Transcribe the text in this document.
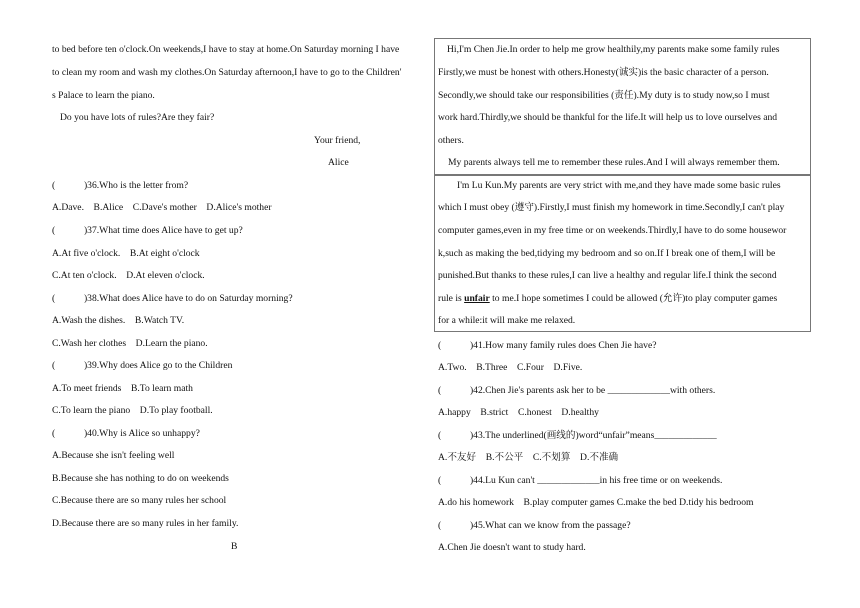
to bed before ten o'clock.On weekends,I have to stay at home.On Saturday morning I have
to clean my room and wash my clothes.On Saturday afternoon,I have to go to the Children'
s Palace to learn the piano.
Do you have lots of rules?Are they fair?
Your friend,
Alice
(　　　)36.Who is the letter from?
A.Dave.　B.Alice　C.Dave's mother　D.Alice's mother
(　　　)37.What time does Alice have to get up?
A.At five o'clock.　B.At eight o'clock
C.At ten o'clock.　D.At eleven o'clock.
(　　　)38.What does Alice have to do on Saturday morning?
A.Wash the dishes.　B.Watch TV.
C.Wash her clothes　D.Learn the piano.
(　　　)39.Why does Alice go to the Children
A.To meet friends　B.To learn math
C.To learn the piano　D.To play football.
(　　　)40.Why is Alice so unhappy?
A.Because she isn't feeling well
B.Because she has nothing to do on weekends
C.Because there are so many rules her school
D.Because there are so many rules in her family.
B
Hi,I'm Chen Jie.In order to help me grow healthily,my parents make some family rules
Firstly,we must be honest with others.Honesty(诚实)is the basic character of a person.
Secondly,we should take our responsibilities (责任).My duty is to study now,so I must
work hard.Thirdly,we should be thankful for the life.It will help us to love ourselves and
others.
My parents always tell me to remember these rules.And I will always remember them.
I'm Lu Kun.My parents are very strict with me,and they have made some basic rules
which I must obey (遵守).Firstly,I must finish my homework in time.Secondly,I can't play
computer games,even in my free time or on weekends.Thirdly,I have to do some housewor
k,such as making the bed,tidying my bedroom and so on.If I break one of them,I will be
punished.But thanks to these rules,I can live a healthy and regular life.I think the second
rule is unfair to me.I hope sometimes I could be allowed (允许)to play computer games
for a while:it will make me relaxed.
(　　　)41.How many family rules does Chen Jie have?
A.Two.　B.Three　C.Four　D.Five.
(　　　)42.Chen Jie's parents ask her to be _____________with others.
A.happy　B.strict　C.honest　D.healthy
(　　　)43.The underlined(画线的)word“unfair”means_____________
A.不友好　B.不公平　C.不划算　D.不准确
(　　　)44.Lu Kun can't _____________in his free time or on weekends.
A.do his homework　B.play computer games C.make the bed D.tidy his bedroom
(　　　)45.What can we know from the passage?
A.Chen Jie doesn't want to study hard.
